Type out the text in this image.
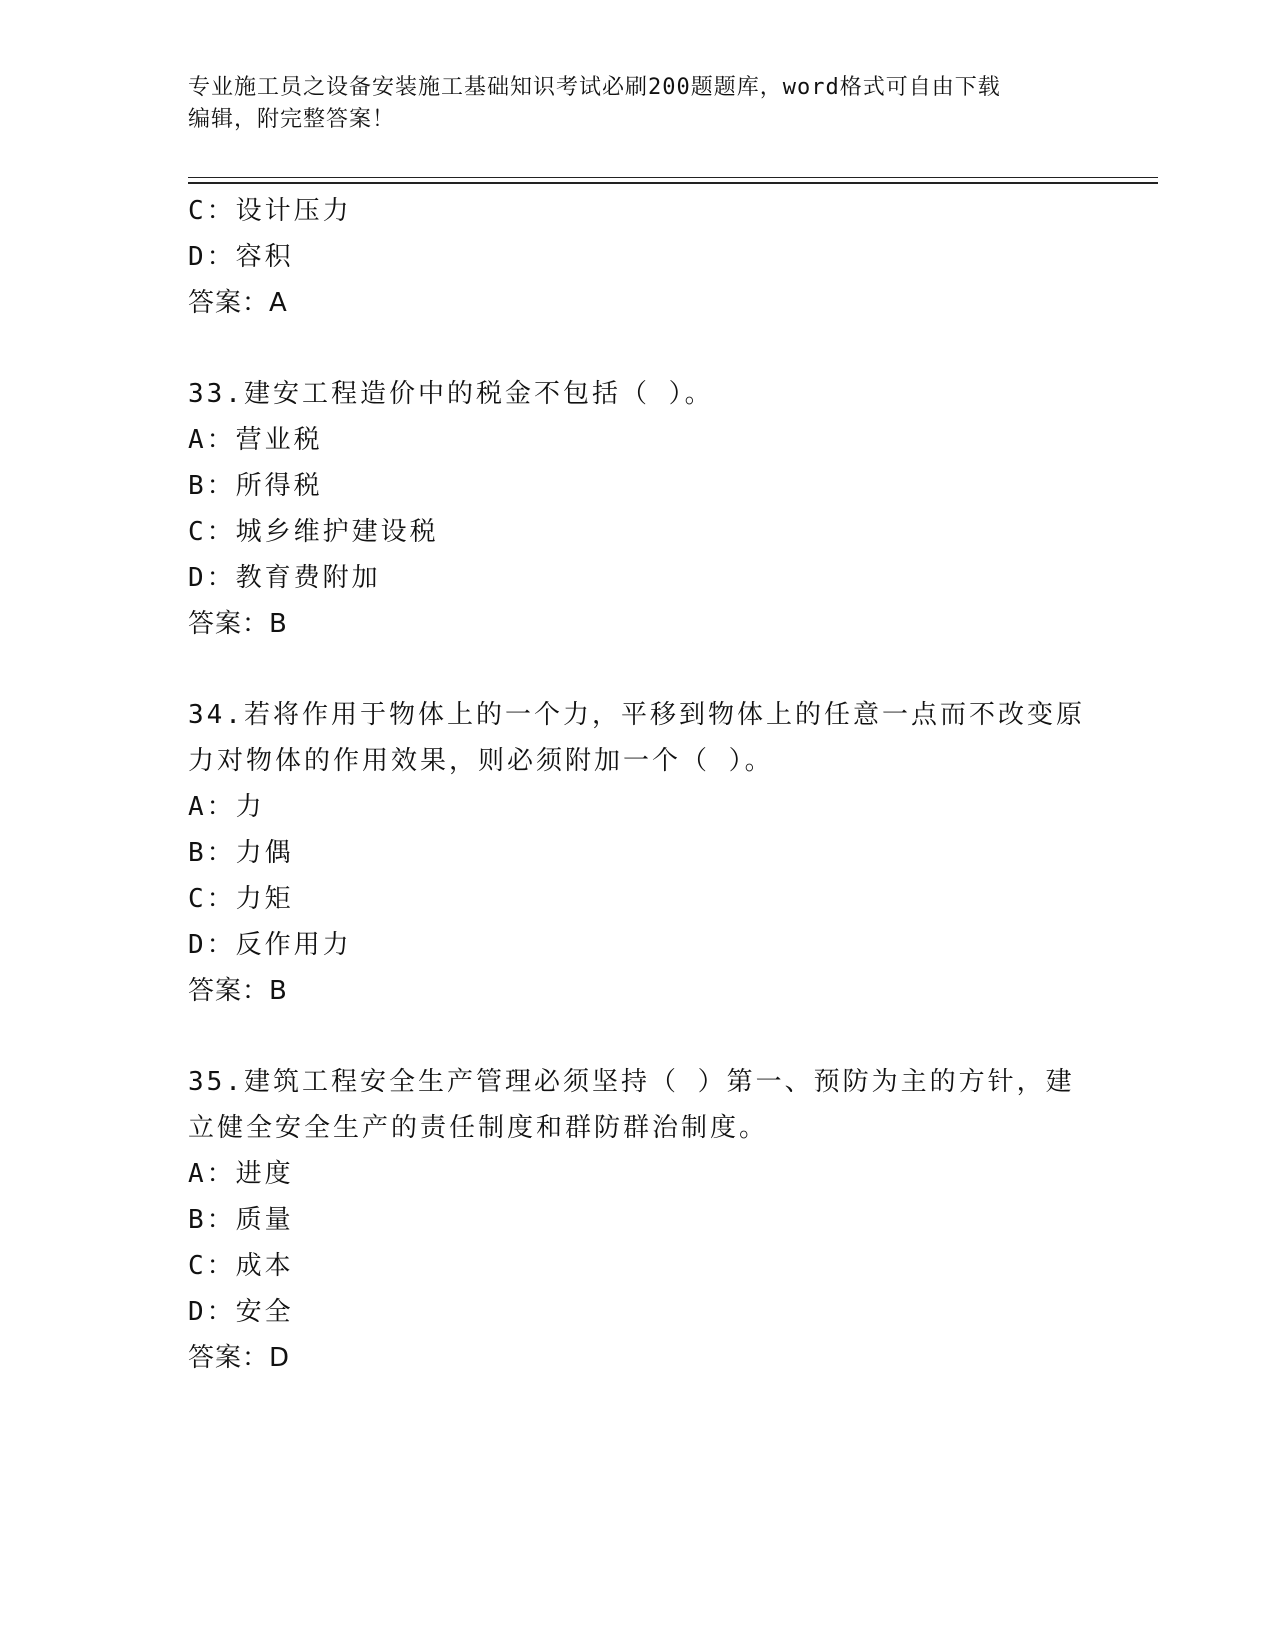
专业施工员之设备安装施工基础知识考试必刷200题题库，word格式可自由下载
编辑，附完整答案！
C：设计压力
D：容积
答案：A
33.建安工程造价中的税金不包括（ ）。
A：营业税
B：所得税
C：城乡维护建设税
D：教育费附加
答案：B
34.若将作用于物体上的一个力，平移到物体上的任意一点而不改变原
力对物体的作用效果，则必须附加一个（ ）。
A：力
B：力偶
C：力矩
D：反作用力
答案：B
35.建筑工程安全生产管理必须坚持（ ）第一、预防为主的方针，建
立健全安全生产的责任制度和群防群治制度。
A：进度
B：质量
C：成本
D：安全
答案：D
